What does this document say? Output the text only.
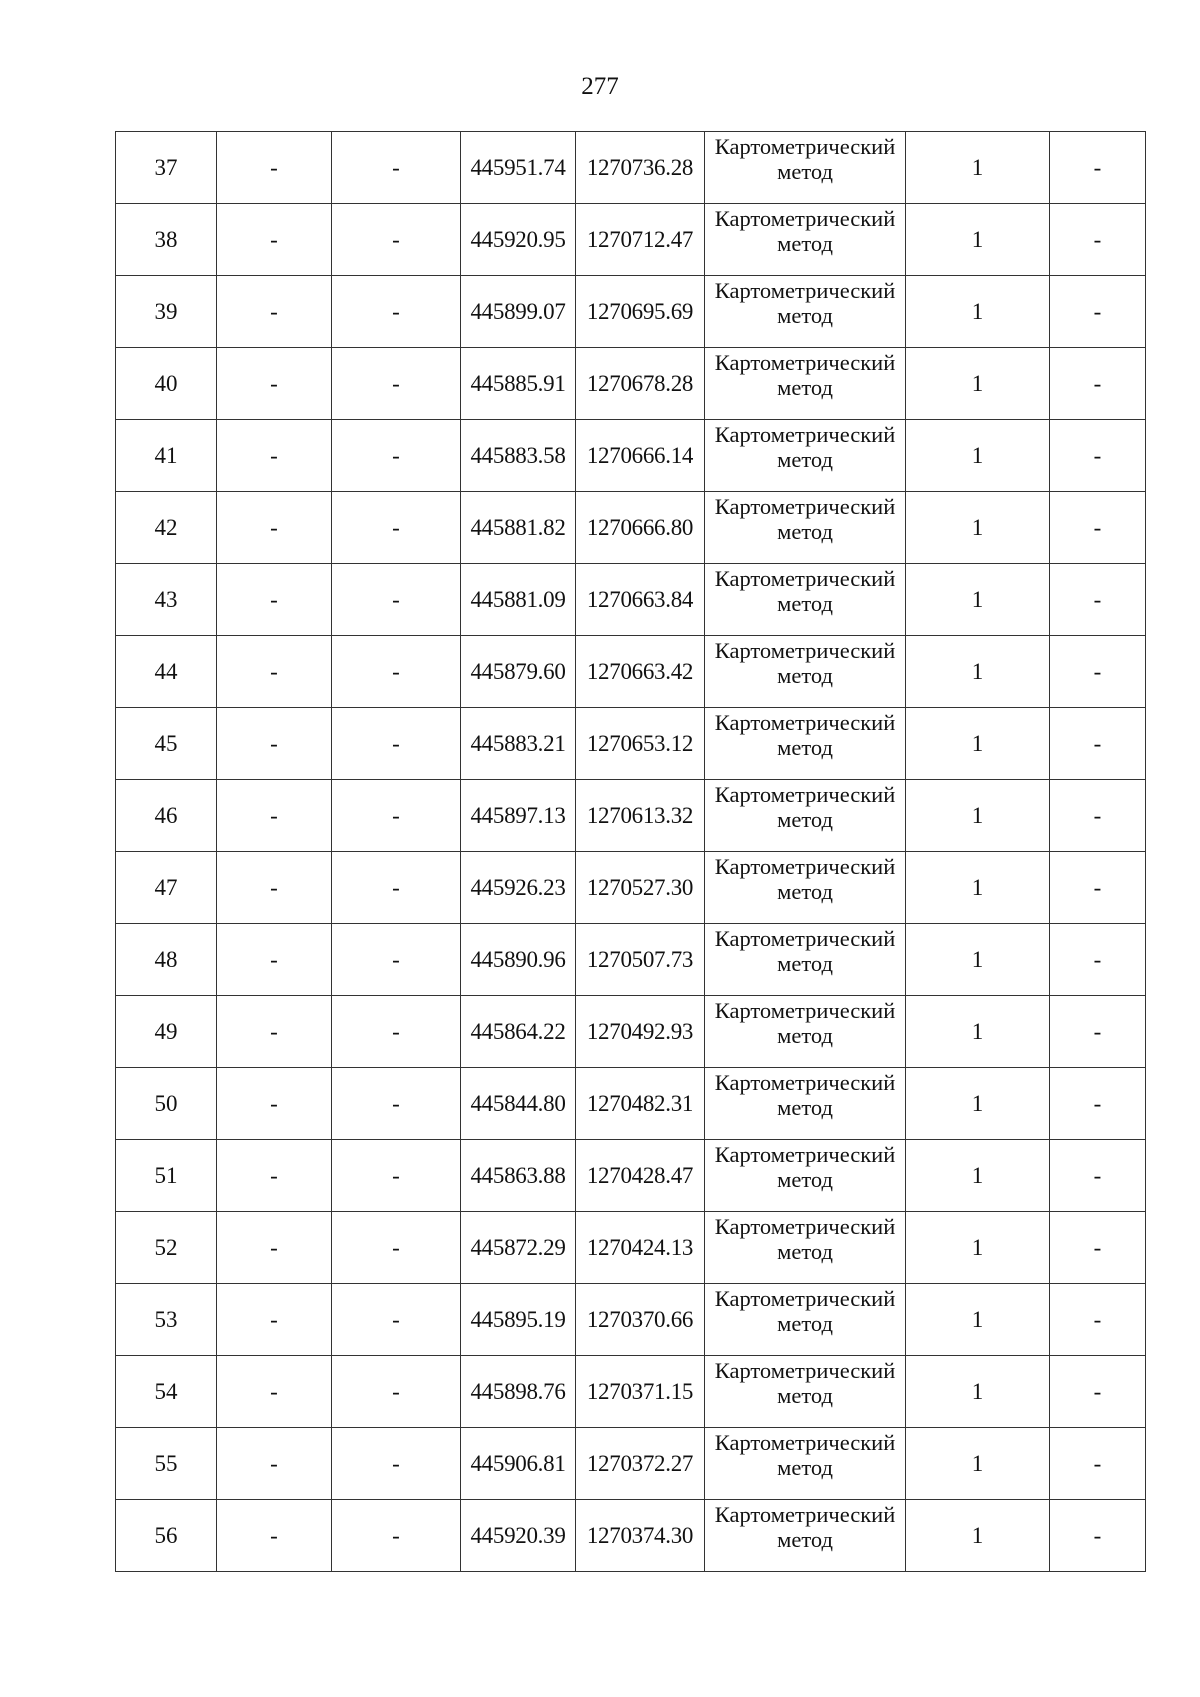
277
37	-	-	445951.74	1270736.28	Картометрический метод	1	-
38	-	-	445920.95	1270712.47	Картометрический метод	1	-
39	-	-	445899.07	1270695.69	Картометрический метод	1	-
40	-	-	445885.91	1270678.28	Картометрический метод	1	-
41	-	-	445883.58	1270666.14	Картометрический метод	1	-
42	-	-	445881.82	1270666.80	Картометрический метод	1	-
43	-	-	445881.09	1270663.84	Картометрический метод	1	-
44	-	-	445879.60	1270663.42	Картометрический метод	1	-
45	-	-	445883.21	1270653.12	Картометрический метод	1	-
46	-	-	445897.13	1270613.32	Картометрический метод	1	-
47	-	-	445926.23	1270527.30	Картометрический метод	1	-
48	-	-	445890.96	1270507.73	Картометрический метод	1	-
49	-	-	445864.22	1270492.93	Картометрический метод	1	-
50	-	-	445844.80	1270482.31	Картометрический метод	1	-
51	-	-	445863.88	1270428.47	Картометрический метод	1	-
52	-	-	445872.29	1270424.13	Картометрический метод	1	-
53	-	-	445895.19	1270370.66	Картометрический метод	1	-
54	-	-	445898.76	1270371.15	Картометрический метод	1	-
55	-	-	445906.81	1270372.27	Картометрический метод	1	-
56	-	-	445920.39	1270374.30	Картометрический метод	1	-
